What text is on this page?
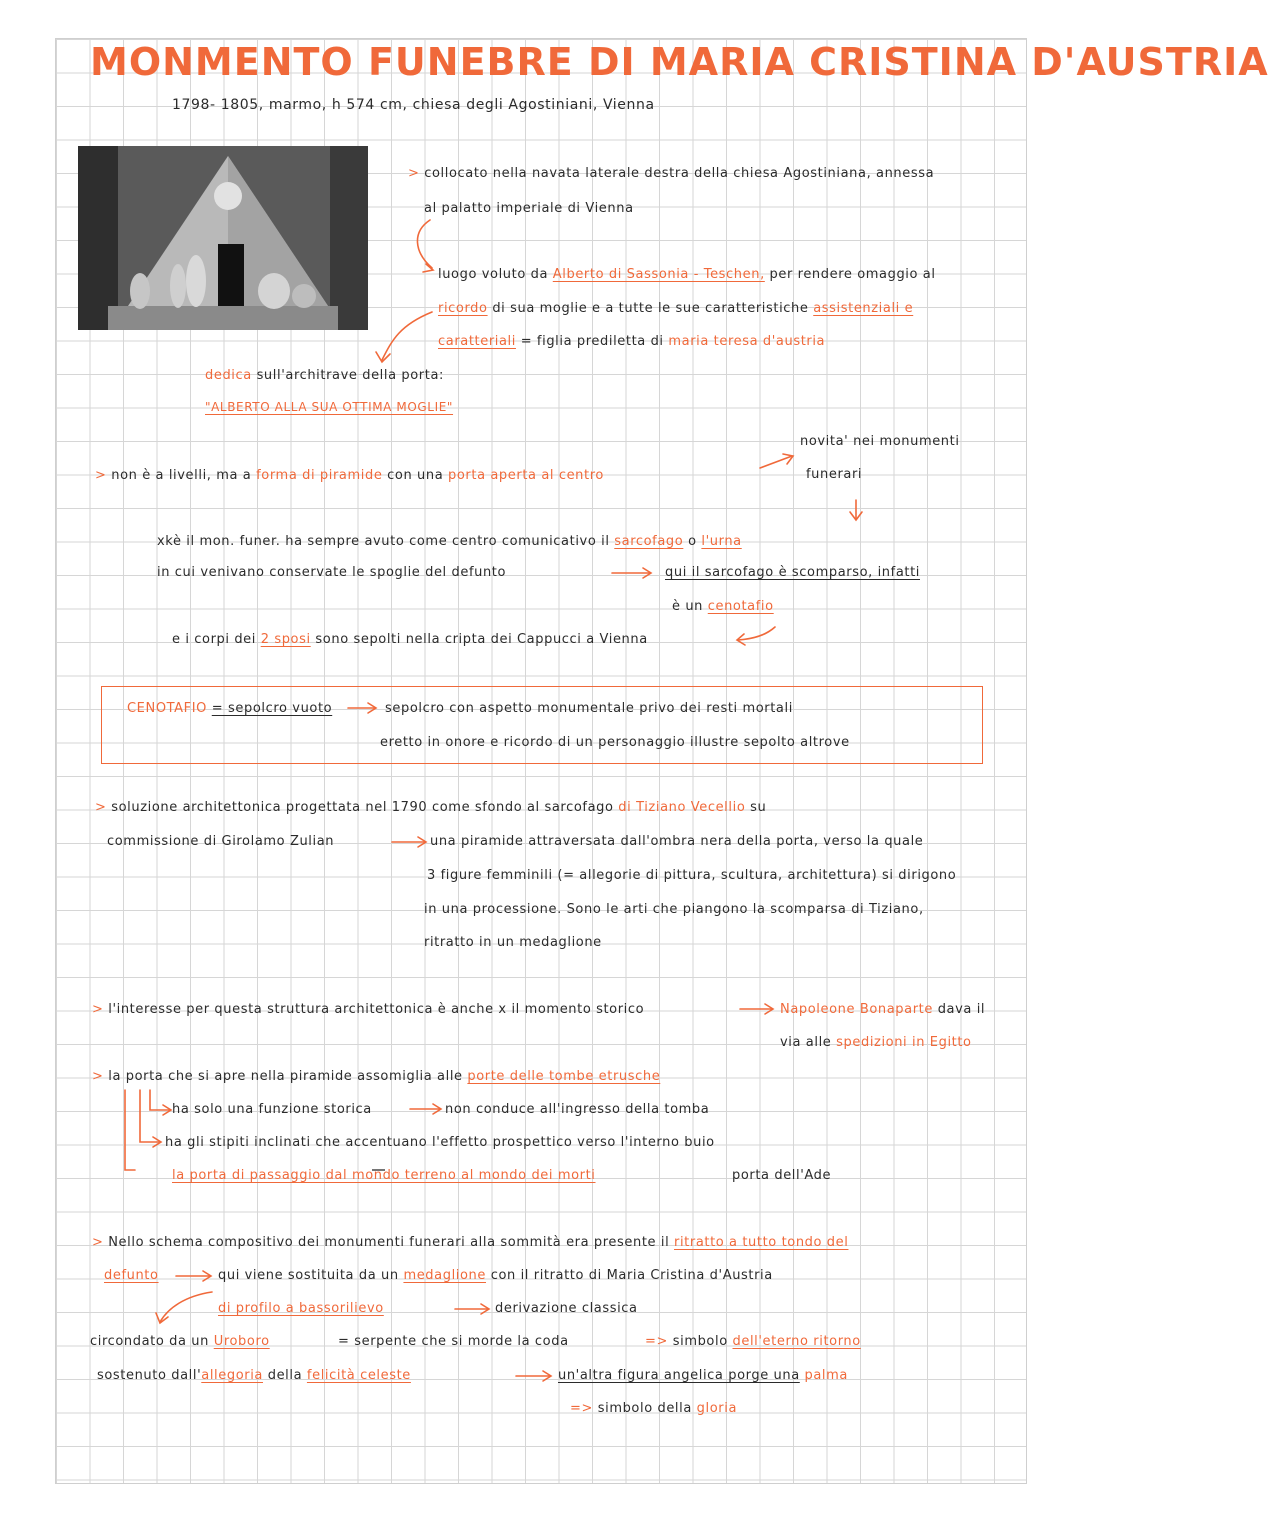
MONMENTO FUNEBRE DI MARIA CRISTINA D'AUSTRIA
1798- 1805, marmo, h 574 cm, chiesa degli Agostiniani, Vienna
> collocato nella navata laterale destra della chiesa Agostiniana, annessa
al palatto imperiale di Vienna
luogo voluto da Alberto di Sassonia - Teschen, per rendere omaggio al
ricordo di sua moglie e a tutte le sue caratteristiche assistenziali e
caratteriali = figlia prediletta di maria teresa d'austria
dedica sull'architrave della porta:
"ALBERTO ALLA SUA OTTIMA MOGLIE"
novita' nei monumenti
funerari
> non è a livelli, ma a forma di piramide con una porta aperta al centro
xkè il mon. funer. ha sempre avuto come centro comunicativo il sarcofago o l'urna
in cui venivano conservate le spoglie del defunto	qui il sarcofago è scomparso, infatti
è un cenotafio
e i corpi dei 2 sposi sono sepolti nella cripta dei Cappucci a Vienna
CENOTAFIO = sepolcro vuoto	sepolcro con aspetto monumentale privo dei resti mortali
eretto in onore e ricordo di un personaggio illustre sepolto altrove
> soluzione architettonica progettata nel 1790 come sfondo al sarcofago di Tiziano Vecellio su
commissione di Girolamo Zulian	una piramide attraversata dall'ombra nera della porta, verso la quale
3 figure femminili (= allegorie di pittura, scultura, architettura) si dirigono
in una processione. Sono le arti che piangono la scomparsa di Tiziano,
ritratto in un medaglione
> l'interesse per questa struttura architettonica è anche x il momento storico	Napoleone Bonaparte dava il
via alle spedizioni in Egitto
> la porta che si apre nella piramide assomiglia alle porte delle tombe etrusche
ha solo una funzione storica	non conduce all'ingresso della tomba
ha gli stipiti inclinati che accentuano l'effetto prospettico verso l'interno buio
la porta di passaggio dal mondo terreno al mondo dei morti	porta dell'Ade
> Nello schema compositivo dei monumenti funerari alla sommità era presente il ritratto a tutto tondo del
defunto	qui viene sostituita da un medaglione con il ritratto di Maria Cristina d'Austria
di profilo a bassorilievo	derivazione classica
circondato da un Uroboro	= serpente che si morde la coda	=> simbolo dell'eterno ritorno
sostenuto dall'allegoria della felicità celeste	un'altra figura angelica porge una palma
=> simbolo della gloria
